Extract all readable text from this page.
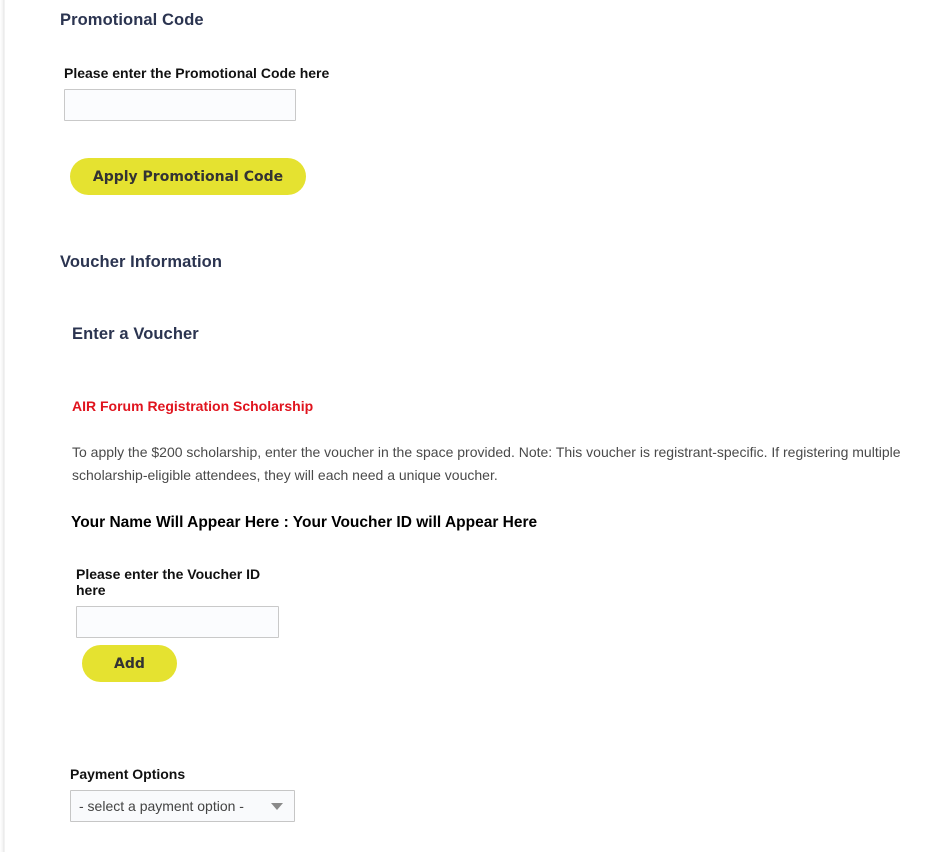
Promotional Code
Please enter the Promotional Code here
Apply Promotional Code
Voucher Information
Enter a Voucher
AIR Forum Registration Scholarship
To apply the $200 scholarship, enter the voucher in the space provided. Note: This voucher is registrant-specific. If registering multiple scholarship-eligible attendees, they will each need a unique voucher.
Your Name Will Appear Here : Your Voucher ID will Appear Here
Please enter the Voucher ID
here
Add
Payment Options
- select a payment option -
